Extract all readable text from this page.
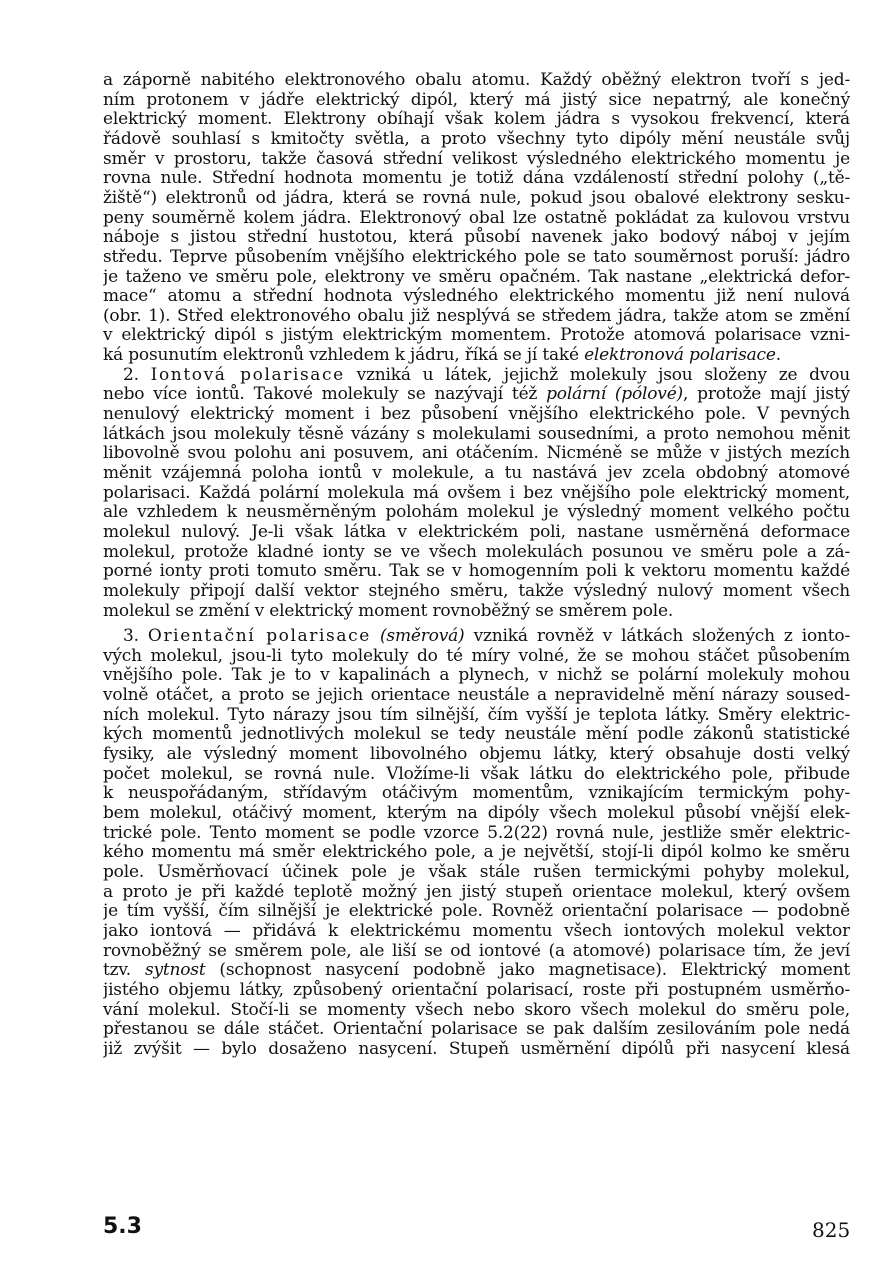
a záporně nabitého elektronového obalu atomu. Každý oběžný elektron tvoří s jed-
ním protonem v jádře elektrický dipól, který má jistý sice nepatrný, ale konečný
elektrický moment. Elektrony obíhají však kolem jádra s vysokou frekvencí, která
řádově souhlasí s kmitočty světla, a proto všechny tyto dipóly mění neustále svůj
směr v prostoru, takže časová střední velikost výsledného elektrického momentu je
rovna nule. Střední hodnota momentu je totiž dána vzdáleností střední polohy („tě-
žiště“) elektronů od jádra, která se rovná nule, pokud jsou obalové elektrony sesku-
peny souměrně kolem jádra. Elektronový obal lze ostatně pokládat za kulovou vrstvu
náboje s jistou střední hustotou, která působí navenek jako bodový náboj v jejím
středu. Teprve působením vnějšího elektrického pole se tato souměrnost poruší: jádro
je taženo ve směru pole, elektrony ve směru opačném. Tak nastane „elektrická defor-
mace“ atomu a střední hodnota výsledného elektrického momentu již není nulová
(obr. 1). Střed elektronového obalu již nesplývá se středem jádra, takže atom se změní
v elektrický dipól s jistým elektrickým momentem. Protože atomová polarisace vzni-
ká posunutím elektronů vzhledem k jádru, říká se jí také elektronová polarisace.
2. Iontová polarisace vzniká u látek, jejichž molekuly jsou složeny ze dvou
nebo více iontů. Takové molekuly se nazývají též polární (pólové), protože mají jistý
nenulový elektrický moment i bez působení vnějšího elektrického pole. V pevných
látkách jsou molekuly těsně vázány s molekulami sousedními, a proto nemohou měnit
libovolně svou polohu ani posuvem, ani otáčením. Nicméně se může v jistých mezích
měnit vzájemná poloha iontů v molekule, a tu nastává jev zcela obdobný atomové
polarisaci. Každá polární molekula má ovšem i bez vnějšího pole elektrický moment,
ale vzhledem k neusměrněným polohám molekul je výsledný moment velkého počtu
molekul nulový. Je-li však látka v elektrickém poli, nastane usměrněná deformace
molekul, protože kladné ionty se ve všech molekulách posunou ve směru pole a zá-
porné ionty proti tomuto směru. Tak se v homogenním poli k vektoru momentu každé
molekuly připojí další vektor stejného směru, takže výsledný nulový moment všech
molekul se změní v elektrický moment rovnoběžný se směrem pole.
3. Orientační polarisace (směrová) vzniká rovněž v látkách složených z ionto-
vých molekul, jsou-li tyto molekuly do té míry volné, že se mohou stáčet působením
vnějšího pole. Tak je to v kapalinách a plynech, v nichž se polární molekuly mohou
volně otáčet, a proto se jejich orientace neustále a nepravidelně mění nárazy soused-
ních molekul. Tyto nárazy jsou tím silnější, čím vyšší je teplota látky. Směry elektric-
kých momentů jednotlivých molekul se tedy neustále mění podle zákonů statistické
fysiky, ale výsledný moment libovolného objemu látky, který obsahuje dosti velký
počet molekul, se rovná nule. Vložíme-li však látku do elektrického pole, přibude
k neuspořádaným, střídavým otáčivým momentům, vznikajícím termickým pohy-
bem molekul, otáčivý moment, kterým na dipóly všech molekul působí vnější elek-
trické pole. Tento moment se podle vzorce 5.2(22) rovná nule, jestliže směr elektric-
kého momentu má směr elektrického pole, a je největší, stojí-li dipól kolmo ke směru
pole. Usměrňovací účinek pole je však stále rušen termickými pohyby molekul,
a proto je při každé teplotě možný jen jistý stupeň orientace molekul, který ovšem
je tím vyšší, čím silnější je elektrické pole. Rovněž orientační polarisace — podobně
jako iontová — přidává k elektrickému momentu všech iontových molekul vektor
rovnoběžný se směrem pole, ale liší se od iontové (a atomové) polarisace tím, že jeví
tzv. sytnost (schopnost nasycení podobně jako magnetisace). Elektrický moment
jistého objemu látky, způsobený orientační polarisací, roste při postupném usměrňo-
vání molekul. Stočí-li se momenty všech nebo skoro všech molekul do směru pole,
přestanou se dále stáčet. Orientační polarisace se pak dalším zesilováním pole nedá
již zvýšit — bylo dosaženo nasycení. Stupeň usměrnění dipólů při nasycení klesá
5.3	825
